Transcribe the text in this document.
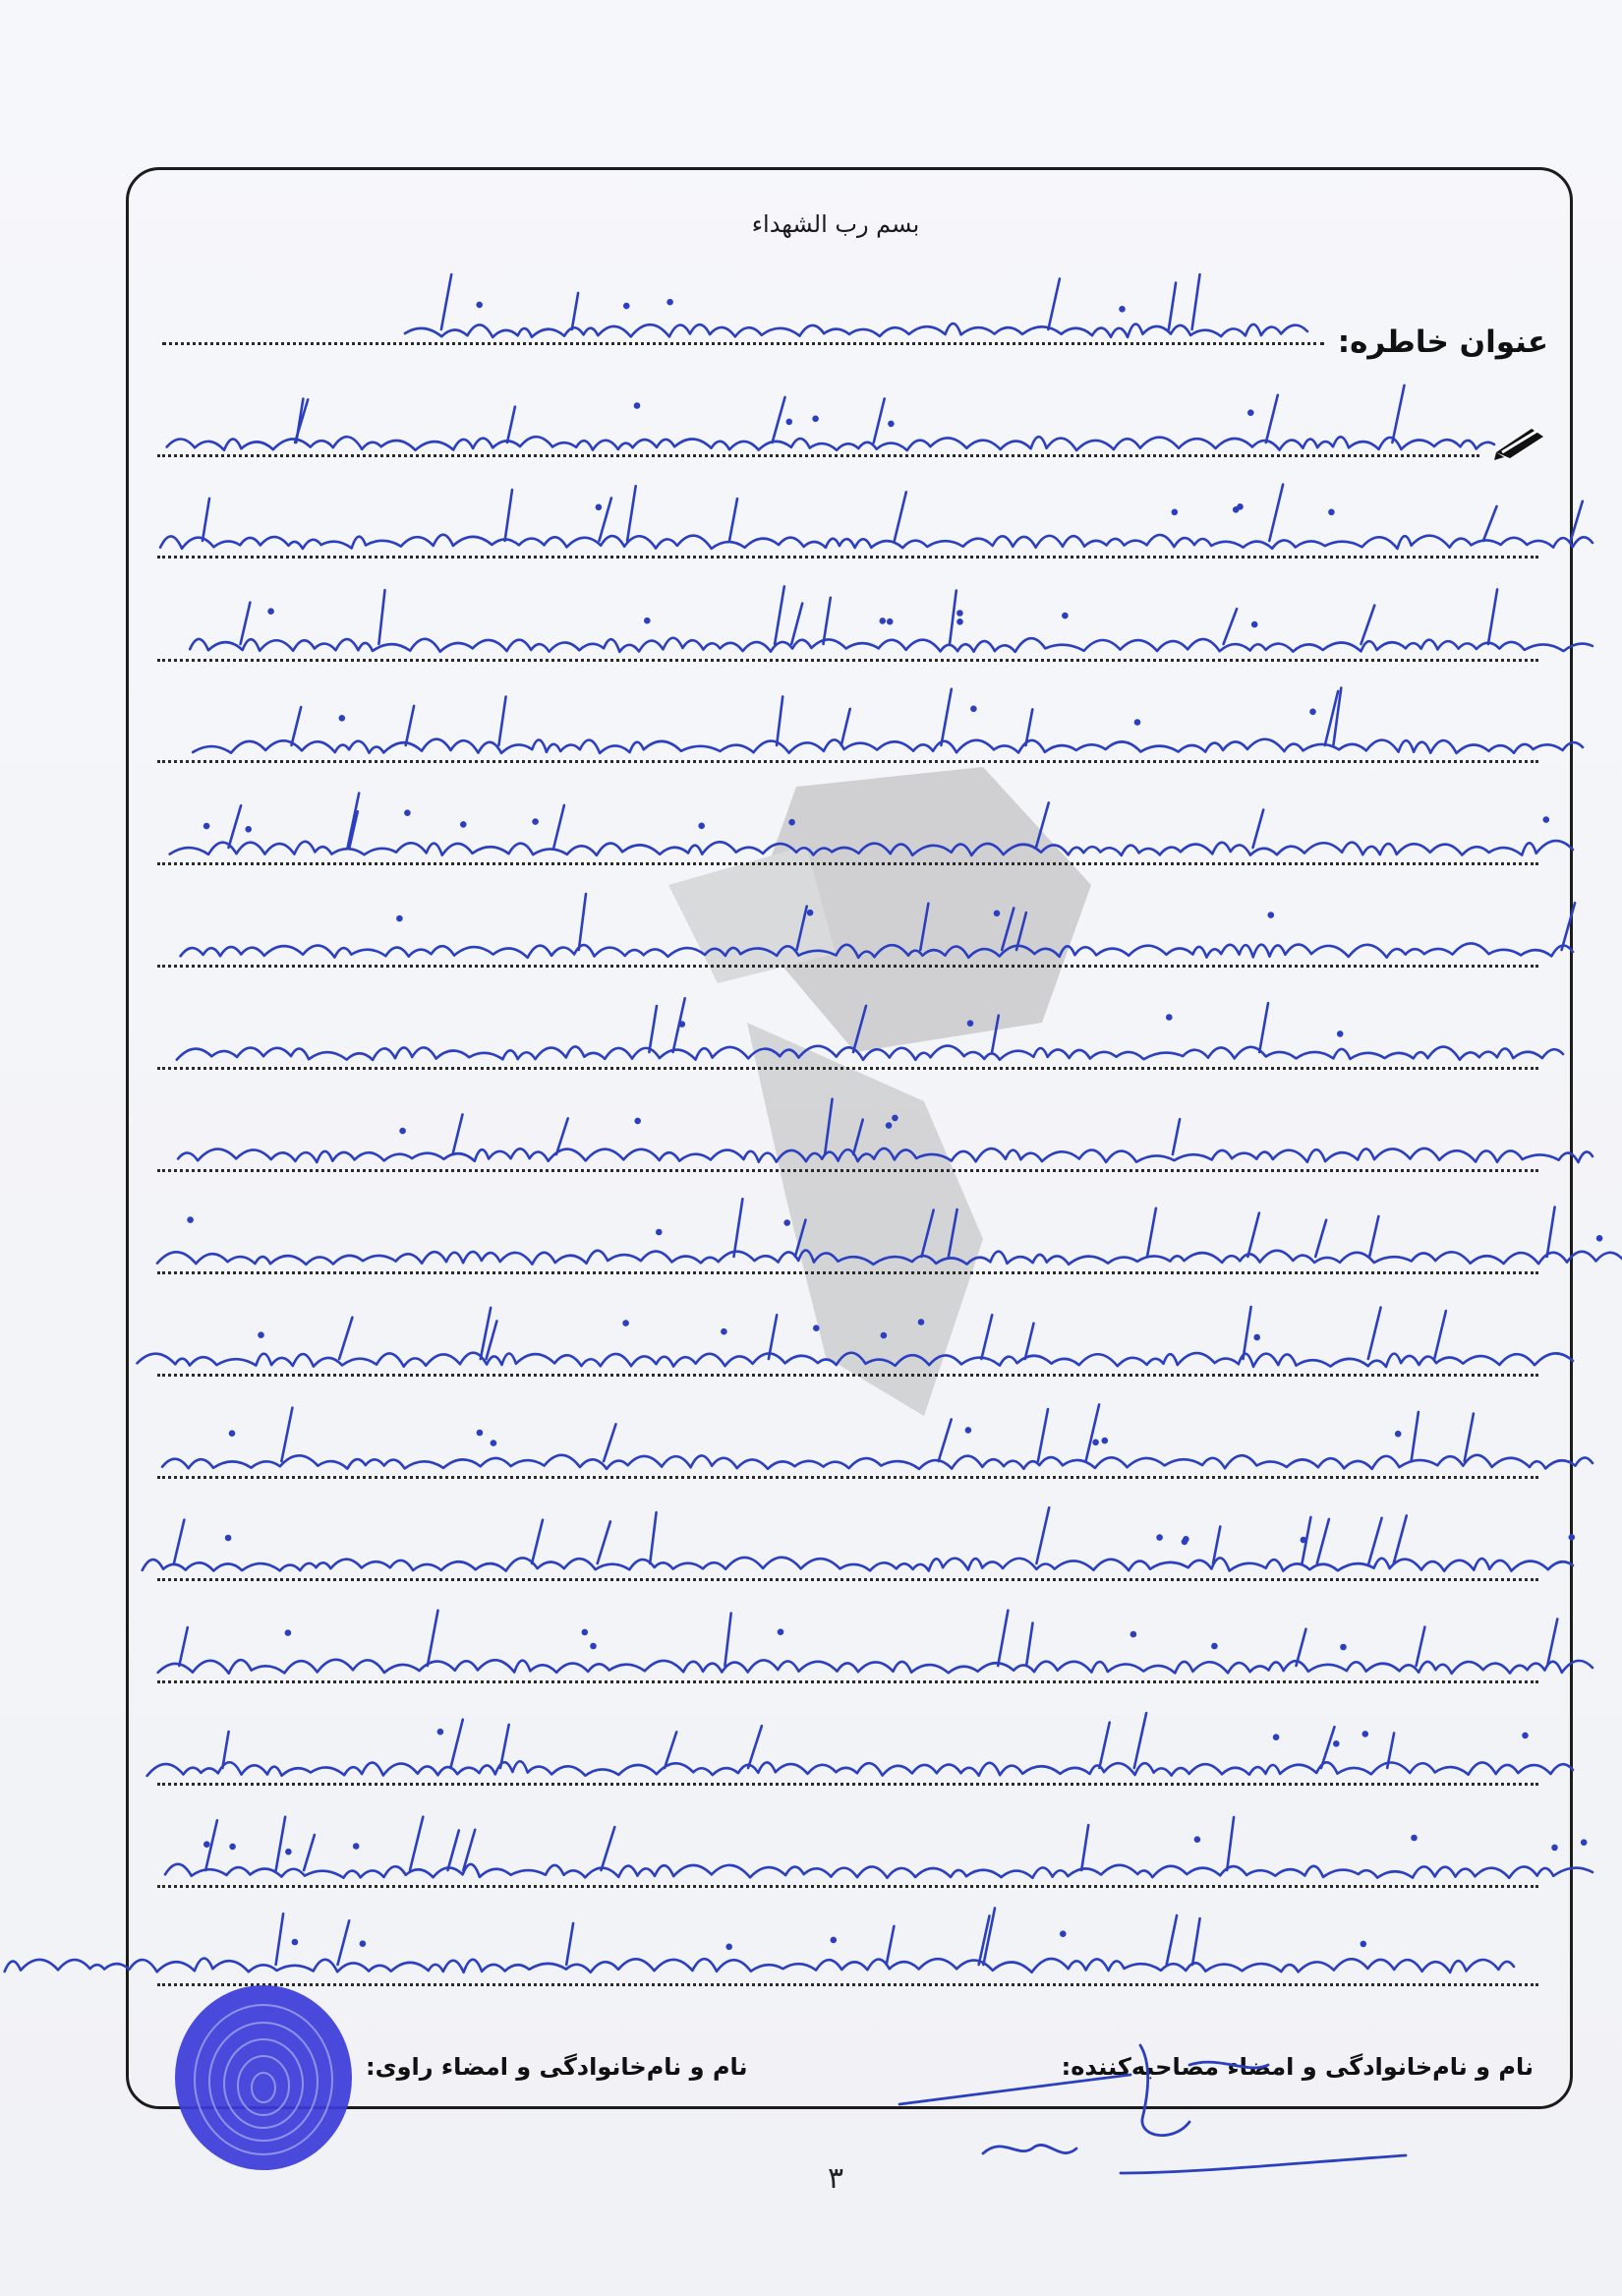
بسم رب الشهداء
عنوان خاطره:
نام و نام‌خانوادگی و امضاء مصاحبه‌کننده:
نام و نام‌خانوادگی و امضاء راوی:
۳
